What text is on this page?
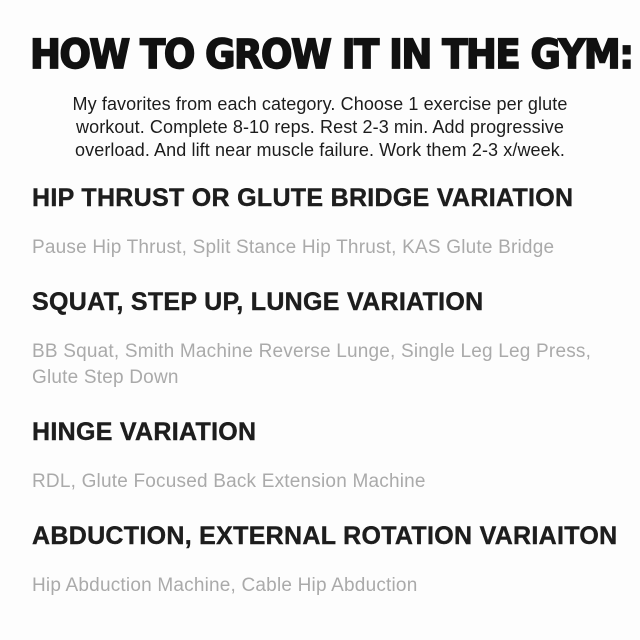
HOW TO GROW IT IN THE GYM:
My favorites from each category. Choose 1 exercise per glute
workout. Complete 8-10 reps. Rest 2-3 min. Add progressive
overload. And lift near muscle failure. Work them 2-3 x/week.
HIP THRUST OR GLUTE BRIDGE VARIATION

Pause Hip Thrust, Split Stance Hip Thrust, KAS Glute Bridge

SQUAT, STEP UP, LUNGE VARIATION

BB Squat, Smith Machine Reverse Lunge, Single Leg Leg Press, Glute Step Down

HINGE VARIATION

RDL, Glute Focused Back Extension Machine

ABDUCTION, EXTERNAL ROTATION VARIAITON

Hip Abduction Machine, Cable Hip Abduction
